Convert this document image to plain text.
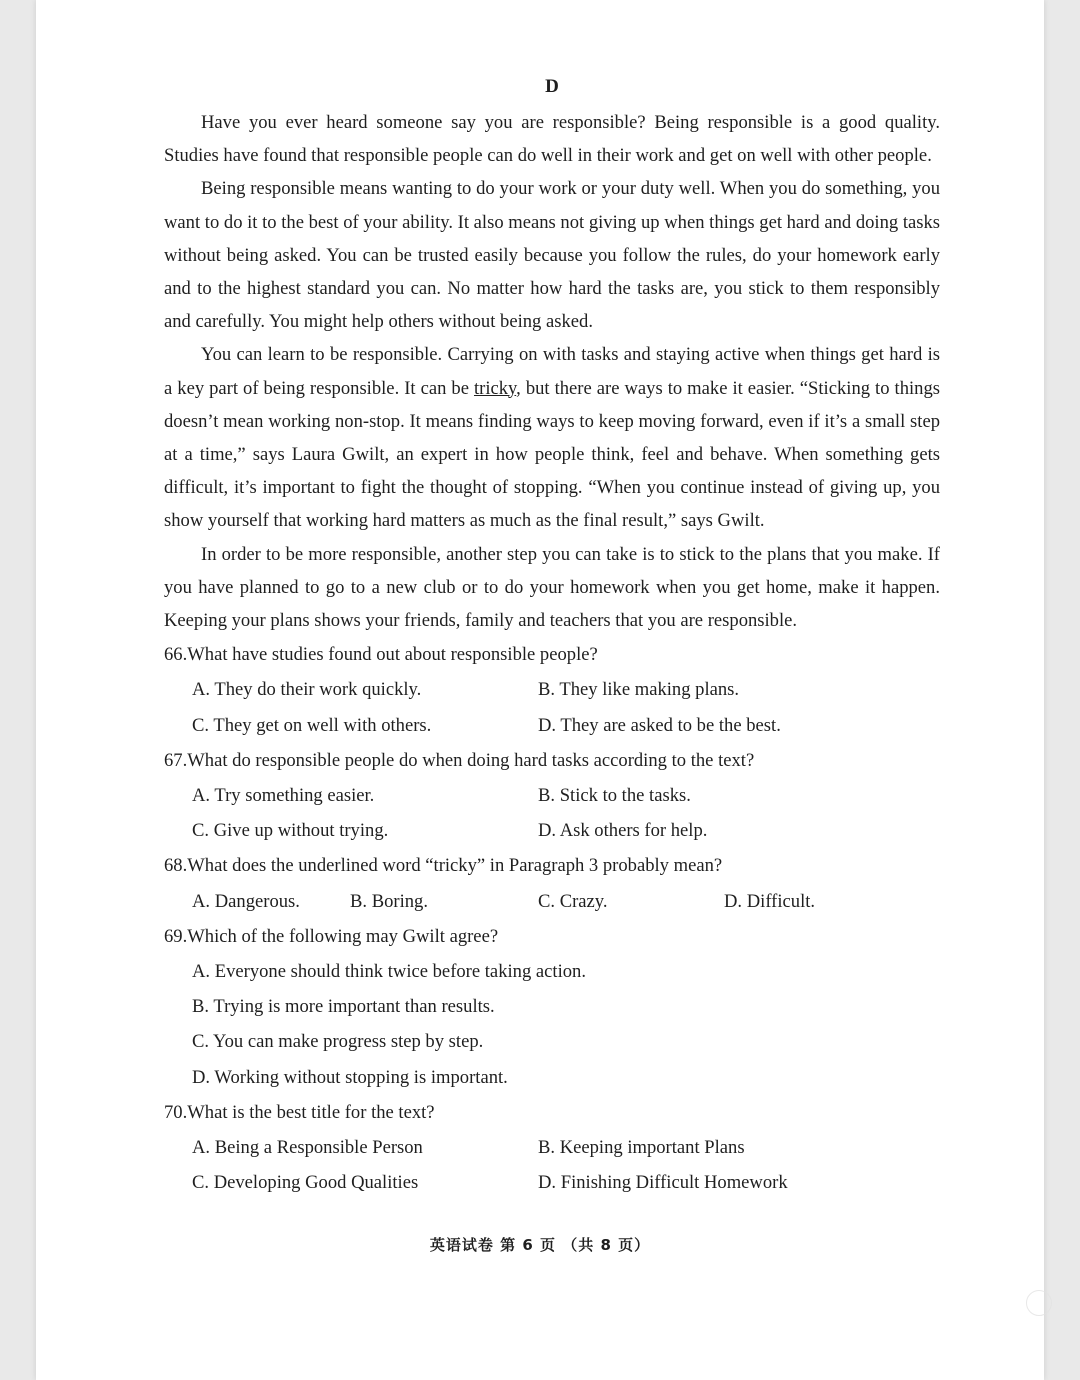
D

Have you ever heard someone say you are responsible? Being responsible is a good quality. Studies have found that responsible people can do well in their work and get on well with other people.

Being responsible means wanting to do your work or your duty well. When you do something, you want to do it to the best of your ability. It also means not giving up when things get hard and doing tasks without being asked. You can be trusted easily because you follow the rules, do your homework early and to the highest standard you can. No matter how hard the tasks are, you stick to them responsibly and carefully. You might help others without being asked.

You can learn to be responsible. Carrying on with tasks and staying active when things get hard is a key part of being responsible. It can be tricky, but there are ways to make it easier. “Sticking to things doesn’t mean working non-stop. It means finding ways to keep moving forward, even if it’s a small step at a time,” says Laura Gwilt, an expert in how people think, feel and behave. When something gets difficult, it’s important to fight the thought of stopping. “When you continue instead of giving up, you show yourself that working hard matters as much as the final result,” says Gwilt.

In order to be more responsible, another step you can take is to stick to the plans that you make. If you have planned to go to a new club or to do your homework when you get home, make it happen. Keeping your plans shows your friends, family and teachers that you are responsible.

66.What have studies found out about responsible people?
A. They do their work quickly.	B. They like making plans.
C. They get on well with others.	D. They are asked to be the best.
67.What do responsible people do when doing hard tasks according to the text?
A. Try something easier.	B. Stick to the tasks.
C. Give up without trying.	D. Ask others for help.
68.What does the underlined word “tricky” in Paragraph 3 probably mean?
A. Dangerous.	B. Boring.	C. Crazy.	D. Difficult.
69.Which of the following may Gwilt agree?
A. Everyone should think twice before taking action.
B. Trying is more important than results.
C. You can make progress step by step.
D. Working without stopping is important.
70.What is the best title for the text?
A. Being a Responsible Person	B. Keeping important Plans
C. Developing Good Qualities	D. Finishing Difficult Homework
英语试卷 第 6 页 （共 8 页）
